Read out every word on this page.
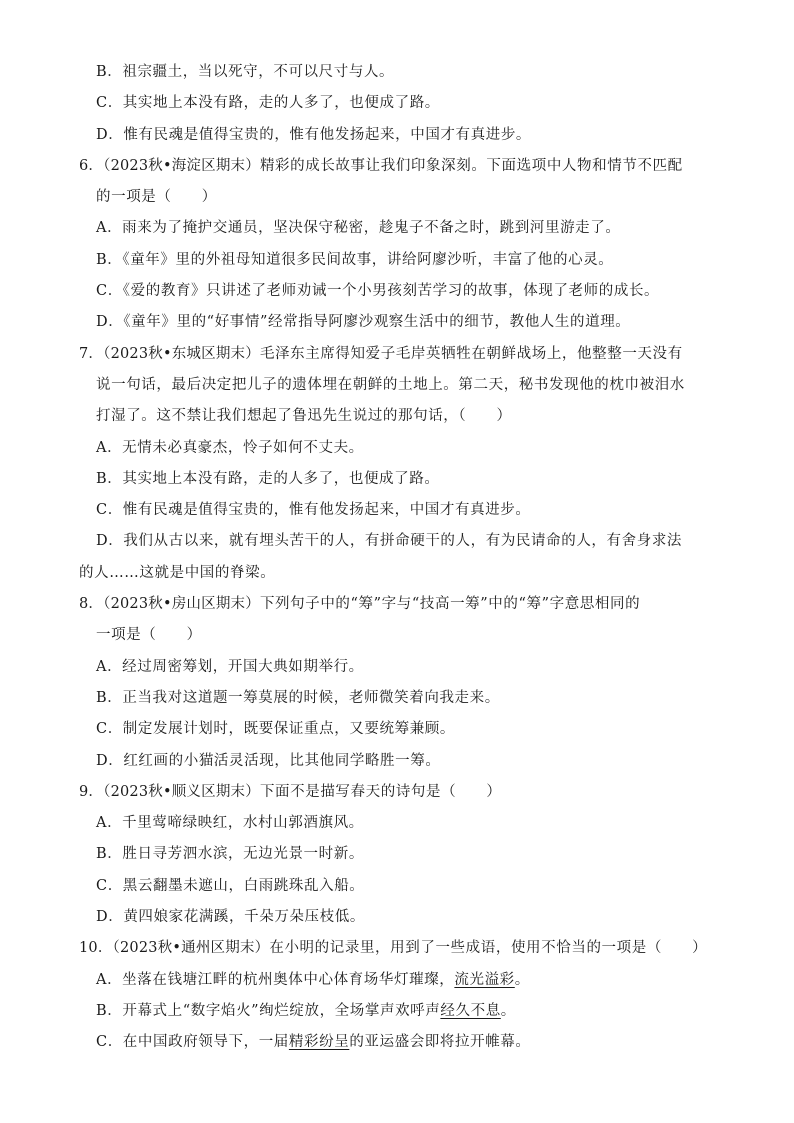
B．祖宗疆土，当以死守，不可以尺寸与人。
C．其实地上本没有路，走的人多了，也便成了路。
D．惟有民魂是值得宝贵的，惟有他发扬起来，中国才有真进步。
6．（2023秋•海淀区期末）精彩的成长故事让我们印象深刻。下面选项中人物和情节不匹配
的一项是（　　）
A．雨来为了掩护交通员，坚决保守秘密，趁鬼子不备之时，跳到河里游走了。
B．《童年》里的外祖母知道很多民间故事，讲给阿廖沙听，丰富了他的心灵。
C．《爱的教育》只讲述了老师劝诫一个小男孩刻苦学习的故事，体现了老师的成长。
D．《童年》里的“好事情”经常指导阿廖沙观察生活中的细节，教他人生的道理。
7．（2023秋•东城区期末）毛泽东主席得知爱子毛岸英牺牲在朝鲜战场上，他整整一天没有
说一句话，最后决定把儿子的遗体埋在朝鲜的土地上。第二天，秘书发现他的枕巾被泪水
打湿了。这不禁让我们想起了鲁迅先生说过的那句话，（　　）
A．无情未必真豪杰，怜子如何不丈夫。
B．其实地上本没有路，走的人多了，也便成了路。
C．惟有民魂是值得宝贵的，惟有他发扬起来，中国才有真进步。
D．我们从古以来，就有埋头苦干的人，有拼命硬干的人，有为民请命的人，有舍身求法
的人……这就是中国的脊梁。
8．（2023秋•房山区期末）下列句子中的“筹”字与“技高一筹”中的“筹”字意思相同的
一项是（　　）
A．经过周密筹划，开国大典如期举行。
B．正当我对这道题一筹莫展的时候，老师微笑着向我走来。
C．制定发展计划时，既要保证重点，又要统筹兼顾。
D．红红画的小猫活灵活现，比其他同学略胜一筹。
9．（2023秋•顺义区期末）下面不是描写春天的诗句是（　　）
A．千里莺啼绿映红，水村山郭酒旗风。
B．胜日寻芳泗水滨，无边光景一时新。
C．黑云翻墨未遮山，白雨跳珠乱入船。
D．黄四娘家花满蹊，千朵万朵压枝低。
10．（2023秋•通州区期末）在小明的记录里，用到了一些成语，使用不恰当的一项是（　　）
A．坐落在钱塘江畔的杭州奥体中心体育场华灯璀璨，流光溢彩。
B．开幕式上“数字焰火”绚烂绽放，全场掌声欢呼声经久不息。
C．在中国政府领导下，一届精彩纷呈的亚运盛会即将拉开帷幕。
